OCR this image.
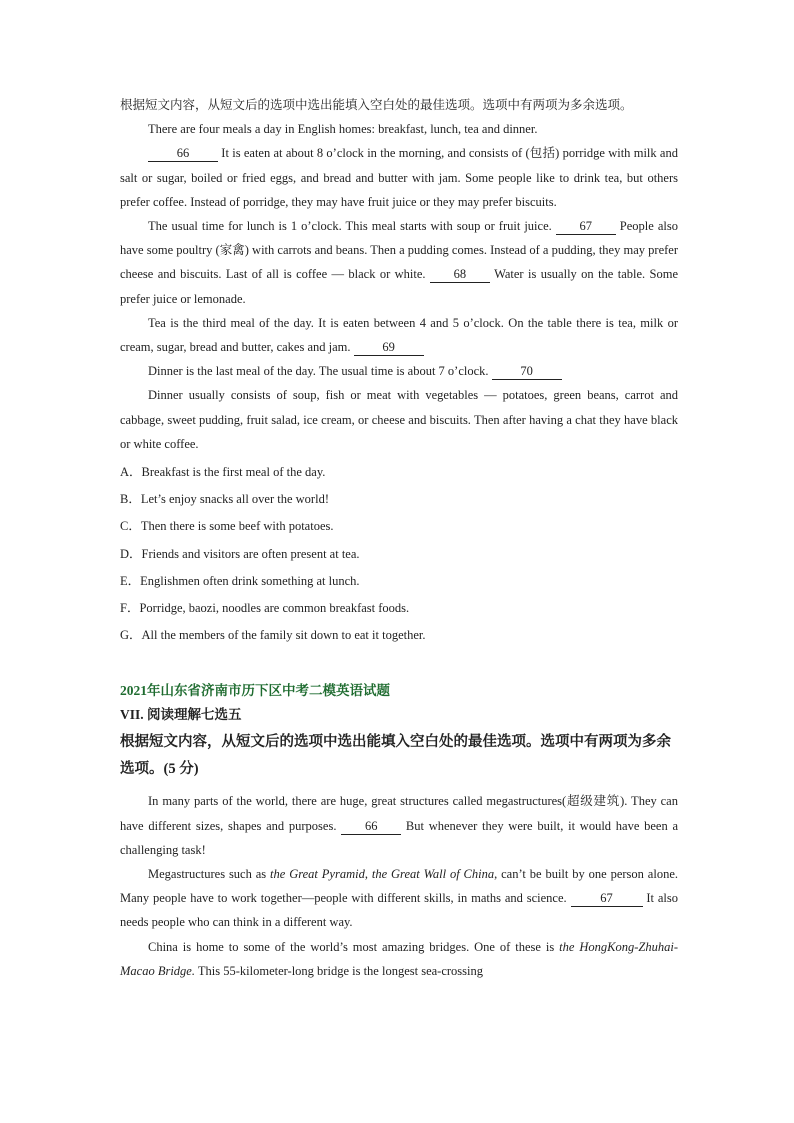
根据短文内容，从短文后的选项中选出能填入空白处的最佳选项。选项中有两项为多余选项。

There are four meals a day in English homes: breakfast, lunch, tea and dinner.

66 It is eaten at about 8 o’clock in the morning, and consists of (包括) porridge with milk and salt or sugar, boiled or fried eggs, and bread and butter with jam. Some people like to drink tea, but others prefer coffee. Instead of porridge, they may have fruit juice or they may prefer biscuits.

The usual time for lunch is 1 o’clock. This meal starts with soup or fruit juice. 67 People also have some poultry (家禽) with carrots and beans. Then a pudding comes. Instead of a pudding, they may prefer cheese and biscuits. Last of all is coffee — black or white. 68 Water is usually on the table. Some prefer juice or lemonade.

Tea is the third meal of the day. It is eaten between 4 and 5 o’clock. On the table there is tea, milk or cream, sugar, bread and butter, cakes and jam. 69

Dinner is the last meal of the day. The usual time is about 7 o’clock. 70

Dinner usually consists of soup, fish or meat with vegetables — potatoes, green beans, carrot and cabbage, sweet pudding, fruit salad, ice cream, or cheese and biscuits. Then after having a chat they have black or white coffee.

A．Breakfast is the first meal of the day.

B．Let’s enjoy snacks all over the world!

C．Then there is some beef with potatoes.

D．Friends and visitors are often present at tea.

E．Englishmen often drink something at lunch.

F．Porridge, baozi, noodles are common breakfast foods.

G．All the members of the family sit down to eat it together.

2021年山东省济南市历下区中考二模英语试题

VII. 阅读理解七选五

根据短文内容，从短文后的选项中选出能填入空白处的最佳选项。选项中有两项为多余选项。(5 分)

In many parts of the world, there are huge, great structures called megastructures(超级建筑). They can have different sizes, shapes and purposes. 66 But whenever they were built, it would have been a challenging task!

Megastructures such as the Great Pyramid, the Great Wall of China, can’t be built by one person alone. Many people have to work together—people with different skills, in maths and science. 67 It also needs people who can think in a different way.

China is home to some of the world’s most amazing bridges. One of these is the HongKong-Zhuhai-Macao Bridge. This 55-kilometer-long bridge is the longest sea-crossing
